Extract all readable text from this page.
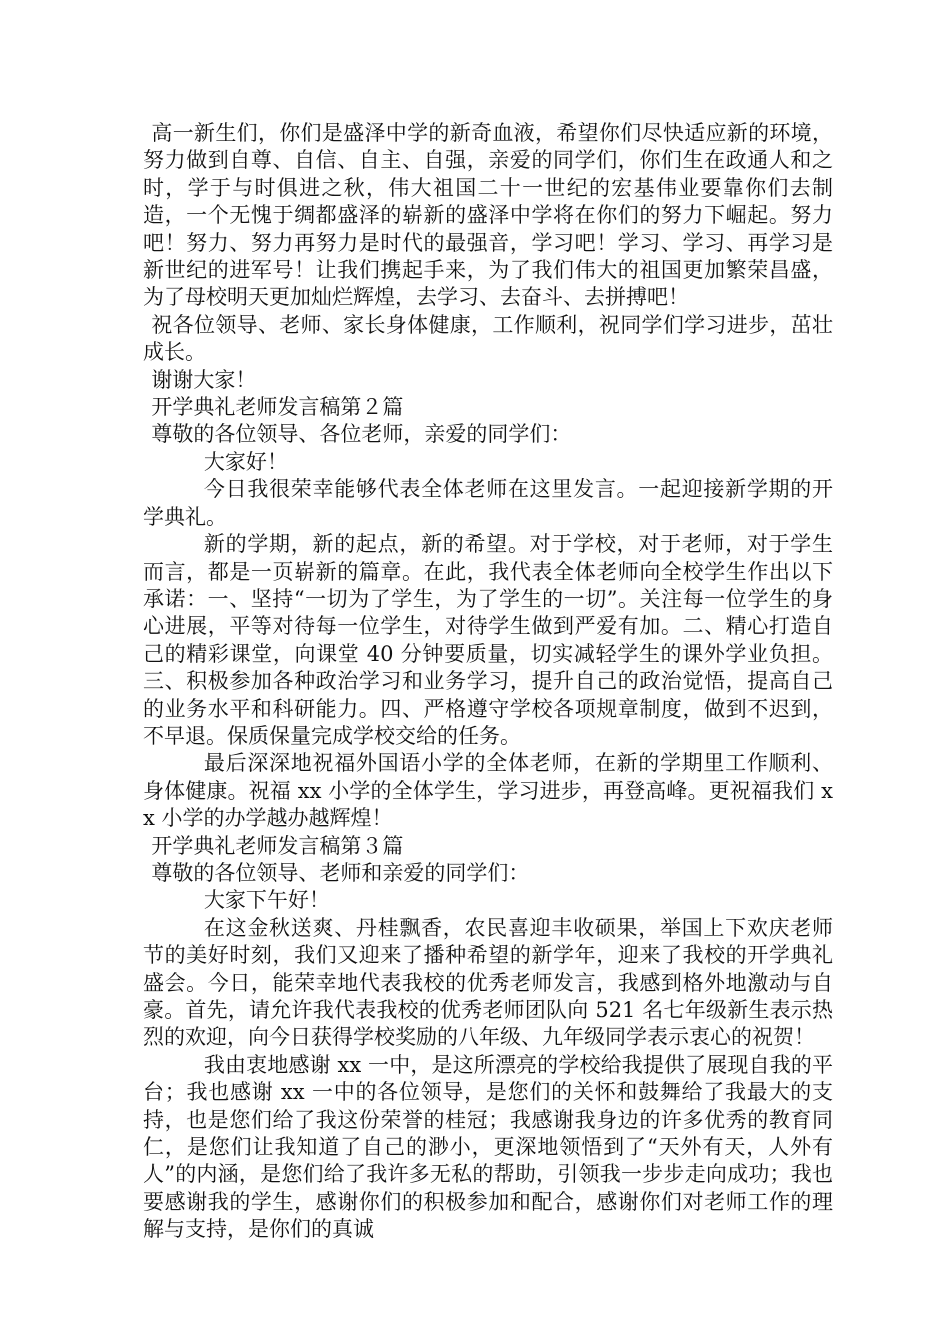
高一新生们，你们是盛泽中学的新奇血液，希望你们尽快适应新的环境，努力做到自尊、自信、自主、自强，亲爱的同学们，你们生在政通人和之时，学于与时俱进之秋，伟大祖国二十一世纪的宏基伟业要靠你们去制造，一个无愧于绸都盛泽的崭新的盛泽中学将在你们的努力下崛起。努力吧！努力、努力再努力是时代的最强音，学习吧！学习、学习、再学习是新世纪的进军号！让我们携起手来，为了我们伟大的祖国更加繁荣昌盛，为了母校明天更加灿烂辉煌，去学习、去奋斗、去拼搏吧！

祝各位领导、老师、家长身体健康，工作顺利，祝同学们学习进步，茁壮成长。

谢谢大家！

开学典礼老师发言稿第２篇

尊敬的各位领导、各位老师，亲爱的同学们：

大家好！

今日我很荣幸能够代表全体老师在这里发言。一起迎接新学期的开学典礼。

新的学期，新的起点，新的希望。对于学校，对于老师，对于学生而言，都是一页崭新的篇章。在此，我代表全体老师向全校学生作出以下承诺：一、坚持“一切为了学生，为了学生的一切”。关注每一位学生的身心进展，平等对待每一位学生，对待学生做到严爱有加。二、精心打造自己的精彩课堂，向课堂 40 分钟要质量，切实减轻学生的课外学业负担。三、积极参加各种政治学习和业务学习，提升自己的政治觉悟，提高自己的业务水平和科研能力。四、严格遵守学校各项规章制度，做到不迟到，不早退。保质保量完成学校交给的任务。

最后深深地祝福外国语小学的全体老师，在新的学期里工作顺利、身体健康。祝福 xx 小学的全体学生，学习进步，再登高峰。更祝福我们 xx 小学的办学越办越辉煌！

开学典礼老师发言稿第３篇

尊敬的各位领导、老师和亲爱的同学们：

大家下午好！

在这金秋送爽、丹桂飘香，农民喜迎丰收硕果，举国上下欢庆老师节的美好时刻，我们又迎来了播种希望的新学年，迎来了我校的开学典礼盛会。今日，能荣幸地代表我校的优秀老师发言，我感到格外地激动与自豪。首先，请允许我代表我校的优秀老师团队向 521 名七年级新生表示热烈的欢迎，向今日获得学校奖励的八年级、九年级同学表示衷心的祝贺！

我由衷地感谢 xx 一中，是这所漂亮的学校给我提供了展现自我的平台；我也感谢 xx 一中的各位领导，是您们的关怀和鼓舞给了我最大的支持，也是您们给了我这份荣誉的桂冠；我感谢我身边的许多优秀的教育同仁，是您们让我知道了自己的渺小，更深地领悟到了“天外有天，人外有人”的内涵，是您们给了我许多无私的帮助，引领我一步步走向成功；我也要感谢我的学生，感谢你们的积极参加和配合，感谢你们对老师工作的理解与支持，是你们的真诚
